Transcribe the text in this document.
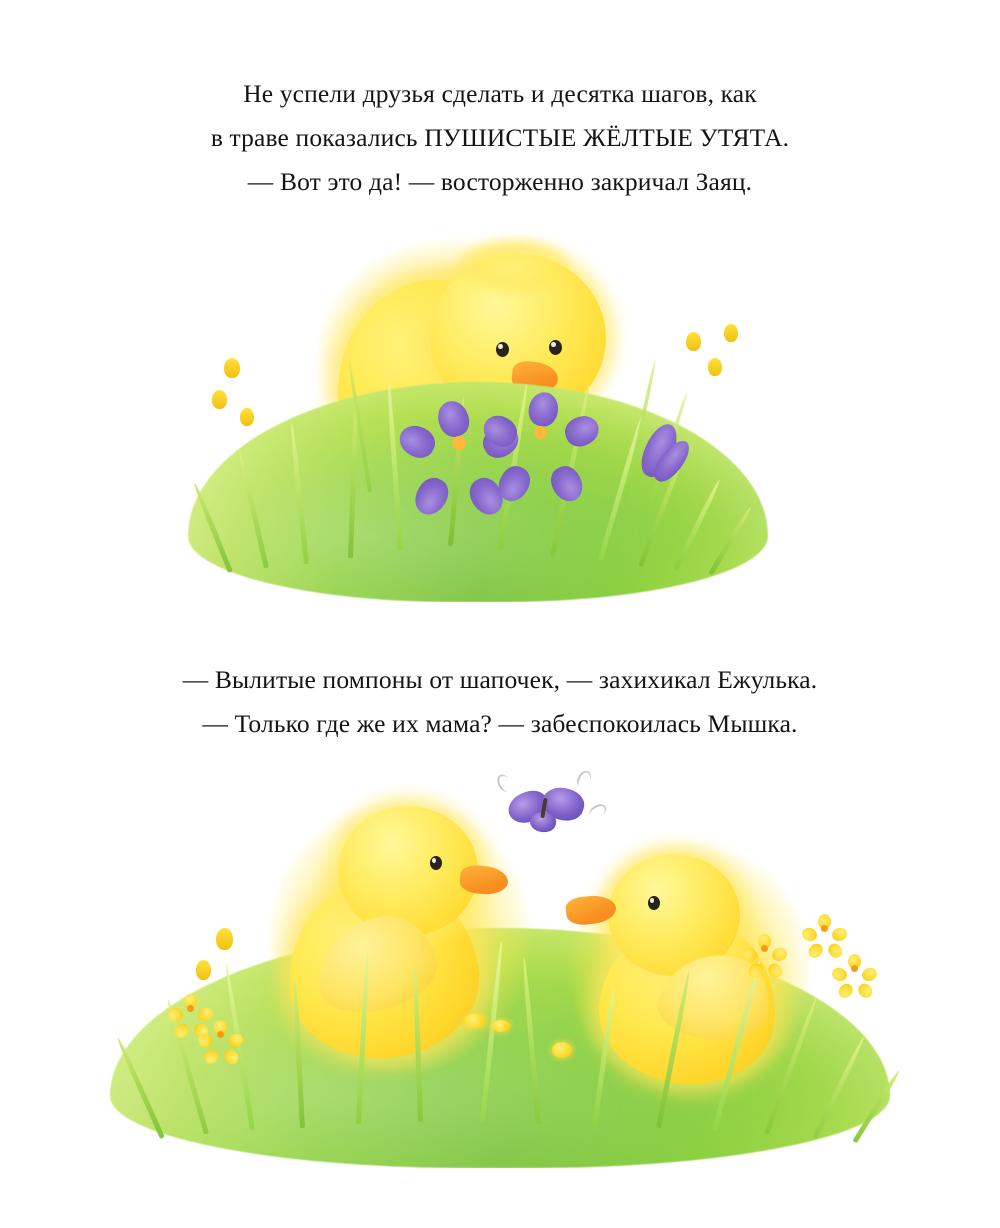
Не успели друзья сделать и десятка шагов, как

в траве показались ПУШИСТЫЕ ЖЁЛТЫЕ УТЯТА.

— Вот это да! — восторженно закричал Заяц.

— Вылитые помпоны от шапочек, — захихикал Ежулька.

— Только где же их мама? — забеспокоилась Мышка.
